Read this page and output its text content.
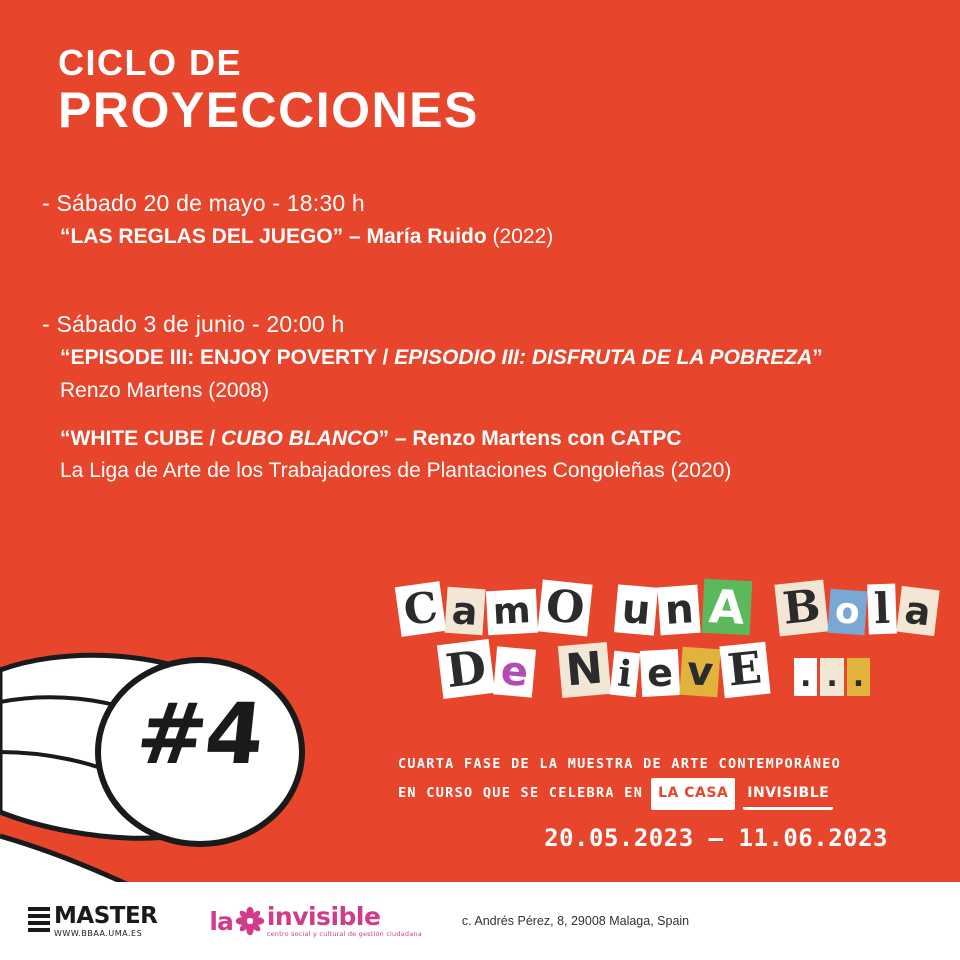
CICLO DE
PROYECCIONES
- Sábado 20 de mayo - 18:30 h
“LAS REGLAS DEL JUEGO” – María Ruido (2022)
- Sábado 3 de junio - 20:00 h
“EPISODE III: ENJOY POVERTY / EPISODIO III: DISFRUTA DE LA POBREZA”
Renzo Martens (2008)
“WHITE CUBE / CUBO BLANCO” – Renzo Martens con CATPC
La Liga de Arte de los Trabajadores de Plantaciones Congoleñas (2020)
#4
C a m O u n A B o l a
D e N i e v E . . .
CUARTA FASE DE LA MUESTRA DE ARTE CONTEMPORÁNEO
EN CURSO QUE SE CELEBRA EN	LA CASA	INVISIBLE
20.05.2023 – 11.06.2023
MASTER
WWW.BBAA.UMA.ES	la invisible
centro social y cultural de gestión ciudadana
c. Andrés Pérez, 8, 29008 Malaga, Spain
